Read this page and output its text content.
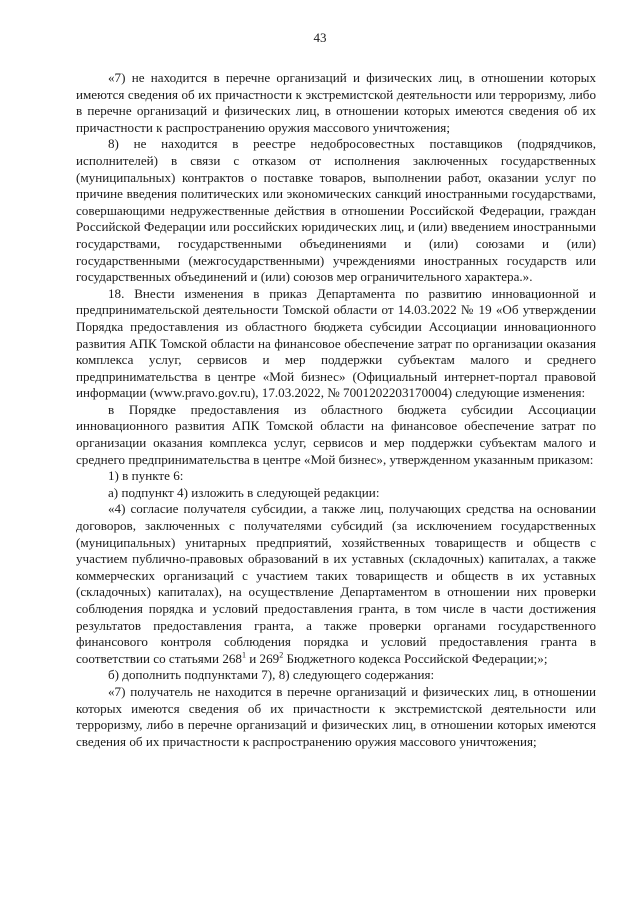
43

«7) не находится в перечне организаций и физических лиц, в отношении которых имеются сведения об их причастности к экстремистской деятельности или терроризму, либо в перечне организаций и физических лиц, в отношении которых имеются сведения об их причастности к распространению оружия массового уничтожения;

8) не находится в реестре недобросовестных поставщиков (подрядчиков, исполнителей) в связи с отказом от исполнения заключенных государственных (муниципальных) контрактов о поставке товаров, выполнении работ, оказании услуг по причине введения политических или экономических санкций иностранными государствами, совершающими недружественные действия в отношении Российской Федерации, граждан Российской Федерации или российских юридических лиц, и (или) введением иностранными государствами, государственными объединениями и (или) союзами и (или) государственными (межгосударственными) учреждениями иностранных государств или государственных объединений и (или) союзов мер ограничительного характера.».

18. Внести изменения в приказ Департамента по развитию инновационной и предпринимательской деятельности Томской области от 14.03.2022 № 19 «Об утверждении Порядка предоставления из областного бюджета субсидии Ассоциации инновационного развития АПК Томской области на финансовое обеспечение затрат по организации оказания комплекса услуг, сервисов и мер поддержки субъектам малого и среднего предпринимательства в центре «Мой бизнес» (Официальный интернет-портал правовой информации (www.pravo.gov.ru), 17.03.2022, № 7001202203170004) следующие изменения:

в Порядке предоставления из областного бюджета субсидии Ассоциации инновационного развития АПК Томской области на финансовое обеспечение затрат по организации оказания комплекса услуг, сервисов и мер поддержки субъектам малого и среднего предпринимательства в центре «Мой бизнес», утвержденном указанным приказом:

1) в пункте 6:

а) подпункт 4) изложить в следующей редакции:

«4) согласие получателя субсидии, а также лиц, получающих средства на основании договоров, заключенных с получателями субсидий (за исключением государственных (муниципальных) унитарных предприятий, хозяйственных товариществ и обществ с участием публично-правовых образований в их уставных (складочных) капиталах, а также коммерческих организаций с участием таких товариществ и обществ в их уставных (складочных) капиталах), на осуществление Департаментом в отношении них проверки соблюдения порядка и условий предоставления гранта, в том числе в части достижения результатов предоставления гранта, а также проверки органами государственного финансового контроля соблюдения порядка и условий предоставления гранта в соответствии со статьями $268^1$ и $269^2$ Бюджетного кодекса Российской Федерации;»;

б) дополнить подпунктами 7), 8) следующего содержания:

«7) получатель не находится в перечне организаций и физических лиц, в отношении которых имеются сведения об их причастности к экстремистской деятельности или терроризму, либо в перечне организаций и физических лиц, в отношении которых имеются сведения об их причастности к распространению оружия массового уничтожения;
